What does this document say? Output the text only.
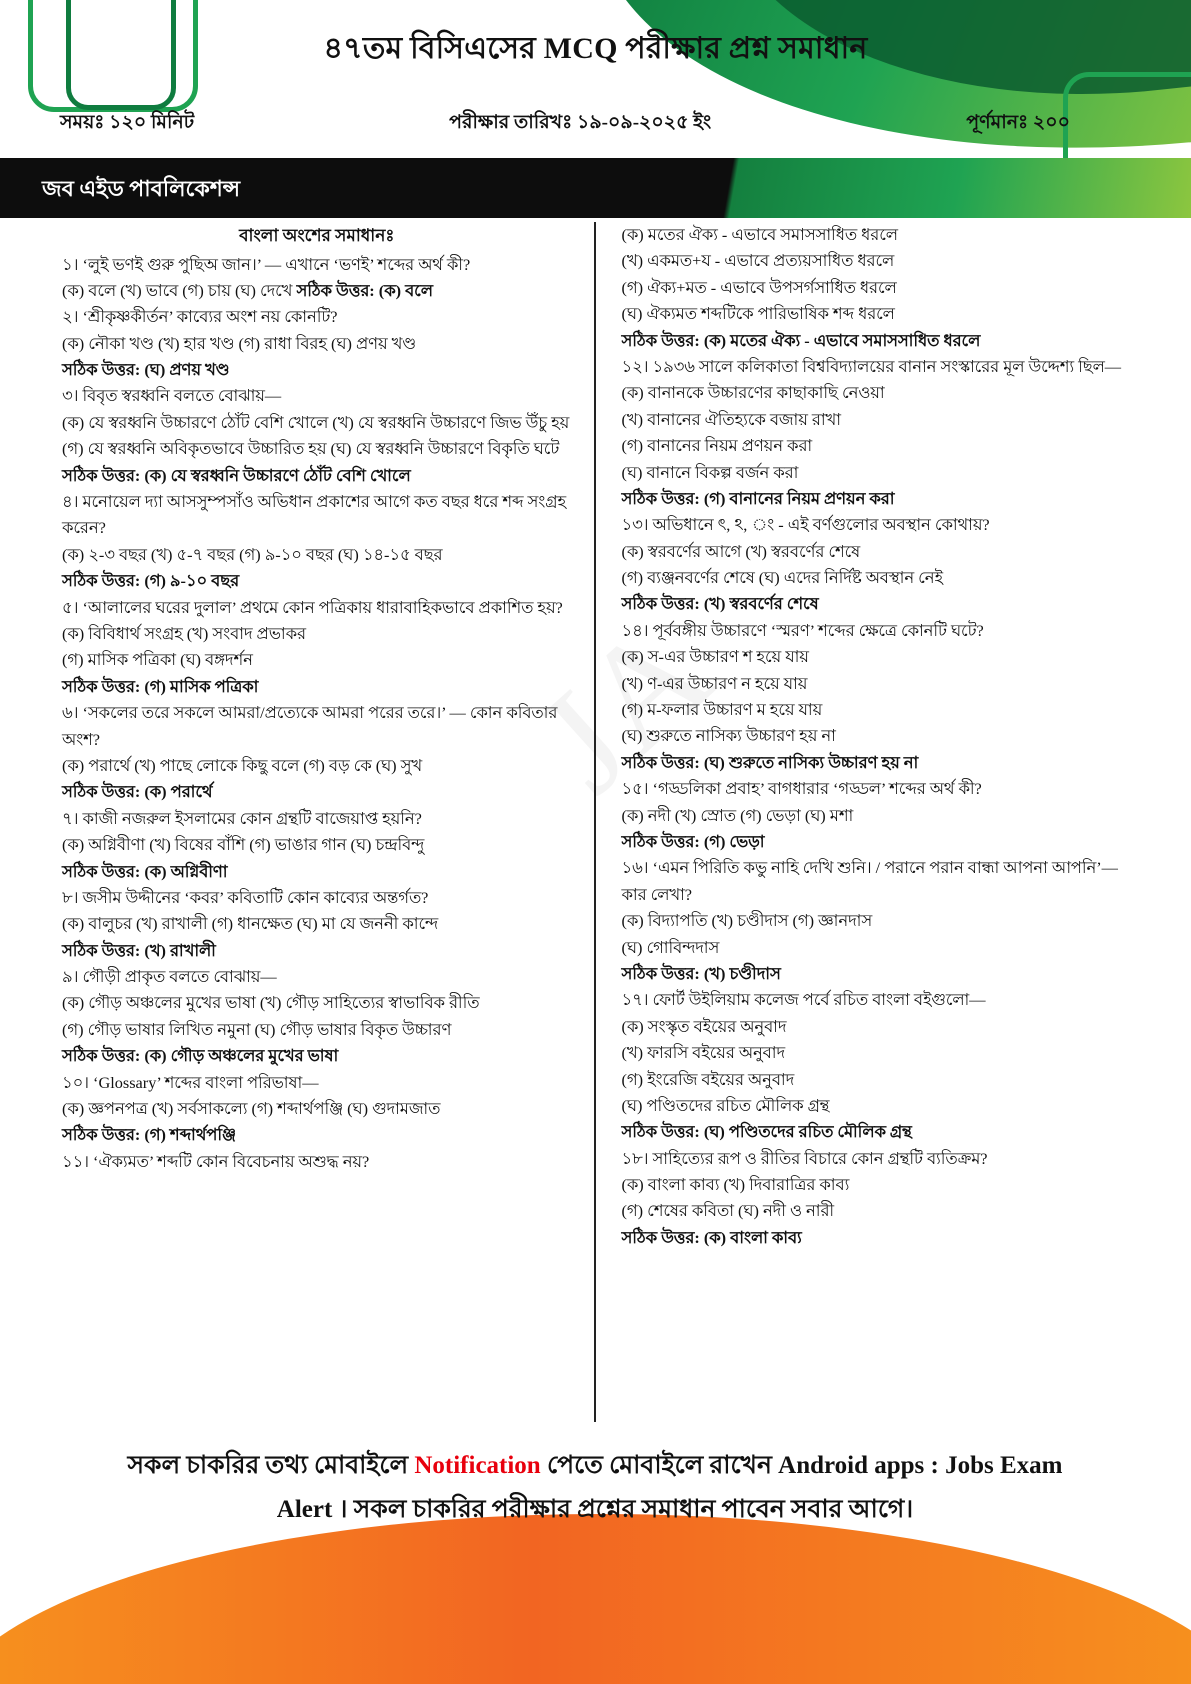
৪৭তম বিসিএসের MCQ পরীক্ষার প্রশ্ন সমাধান
সময়ঃ ১২০ মিনিট	পরীক্ষার তারিখঃ ১৯-০৯-২০২৫ ইং	পূর্ণমানঃ ২০০
জব এইড পাবলিকেশন্স
বাংলা অংশের সমাধানঃ
১। ‘লুই ভণই গুরু পুছিঅ জান।’ — এখানে ‘ভণই’ শব্দের অর্থ কী?
(ক) বলে (খ) ভাবে (গ) চায় (ঘ) দেখে সঠিক উত্তর: (ক) বলে
২। ‘শ্রীকৃষ্ণকীর্তন’ কাব্যের অংশ নয় কোনটি?
(ক) নৌকা খণ্ড (খ) হার খণ্ড (গ) রাধা বিরহ (ঘ) প্রণয় খণ্ড
সঠিক উত্তর: (ঘ) প্রণয় খণ্ড
৩। বিবৃত স্বরধ্বনি বলতে বোঝায়—
(ক) যে স্বরধ্বনি উচ্চারণে ঠোঁট বেশি খোলে (খ) যে স্বরধ্বনি উচ্চারণে জিভ উঁচু হয়
(গ) যে স্বরধ্বনি অবিকৃতভাবে উচ্চারিত হয় (ঘ) যে স্বরধ্বনি উচ্চারণে বিকৃতি ঘটে
সঠিক উত্তর: (ক) যে স্বরধ্বনি উচ্চারণে ঠোঁট বেশি খোলে
৪। মনোয়েল দ্যা আসসুম্পসাঁও অভিধান প্রকাশের আগে কত বছর ধরে শব্দ সংগ্রহ করেন?
(ক) ২-৩ বছর (খ) ৫-৭ বছর (গ) ৯-১০ বছর (ঘ) ১৪-১৫ বছর
সঠিক উত্তর: (গ) ৯-১০ বছর
৫। ‘আলালের ঘরের দুলাল’ প্রথমে কোন পত্রিকায় ধারাবাহিকভাবে প্রকাশিত হয়?
(ক) বিবিধার্থ সংগ্রহ (খ) সংবাদ প্রভাকর
(গ) মাসিক পত্রিকা (ঘ) বঙ্গদর্শন
সঠিক উত্তর: (গ) মাসিক পত্রিকা
৬। ‘সকলের তরে সকলে আমরা/প্রত্যেকে আমরা পরের তরে।’ — কোন কবিতার অংশ?
(ক) পরার্থে (খ) পাছে লোকে কিছু বলে (গ) বড় কে (ঘ) সুখ
সঠিক উত্তর: (ক) পরার্থে
৭। কাজী নজরুল ইসলামের কোন গ্রন্থটি বাজেয়াপ্ত হয়নি?
(ক) অগ্নিবীণা (খ) বিষের বাঁশি (গ) ভাঙার গান (ঘ) চন্দ্রবিন্দু
সঠিক উত্তর: (ক) অগ্নিবীণা
৮। জসীম উদ্দীনের ‘কবর’ কবিতাটি কোন কাব্যের অন্তর্গত?
(ক) বালুচর (খ) রাখালী (গ) ধানক্ষেত (ঘ) মা যে জননী কান্দে
সঠিক উত্তর: (খ) রাখালী
৯। গৌড়ী প্রাকৃত বলতে বোঝায়—
(ক) গৌড় অঞ্চলের মুখের ভাষা (খ) গৌড় সাহিত্যের স্বাভাবিক রীতি
(গ) গৌড় ভাষার লিখিত নমুনা (ঘ) গৌড় ভাষার বিকৃত উচ্চারণ
সঠিক উত্তর: (ক) গৌড় অঞ্চলের মুখের ভাষা
১০। ‘Glossary’ শব্দের বাংলা পরিভাষা—
(ক) জ্ঞপনপত্র (খ) সর্বসাকল্যে (গ) শব্দার্থপঞ্জি (ঘ) গুদামজাত
সঠিক উত্তর: (গ) শব্দার্থপঞ্জি
১১। ‘ঐক্যমত’ শব্দটি কোন বিবেচনায় অশুদ্ধ নয়?
(ক) মতের ঐক্য - এভাবে সমাসসাধিত ধরলে
(খ) একমত+য - এভাবে প্রত্যয়সাধিত ধরলে
(গ) ঐক্য+মত - এভাবে উপসর্গসাধিত ধরলে
(ঘ) ঐক্যমত শব্দটিকে পারিভাষিক শব্দ ধরলে
সঠিক উত্তর: (ক) মতের ঐক্য - এভাবে সমাসসাধিত ধরলে
১২। ১৯৩৬ সালে কলিকাতা বিশ্ববিদ্যালয়ের বানান সংস্কারের মূল উদ্দেশ্য ছিল—
(ক) বানানকে উচ্চারণের কাছাকাছি নেওয়া
(খ) বানানের ঐতিহ্যকে বজায় রাখা
(গ) বানানের নিয়ম প্রণয়ন করা
(ঘ) বানানে বিকল্প বর্জন করা
সঠিক উত্তর: (গ) বানানের নিয়ম প্রণয়ন করা
১৩। অভিধানে ৎ, ঽ, ং - এই বর্ণগুলোর অবস্থান কোথায়?
(ক) স্বরবর্ণের আগে (খ) স্বরবর্ণের শেষে
(গ) ব্যঞ্জনবর্ণের শেষে (ঘ) এদের নির্দিষ্ট অবস্থান নেই
সঠিক উত্তর: (খ) স্বরবর্ণের শেষে
১৪। পূর্ববঙ্গীয় উচ্চারণে ‘স্মরণ’ শব্দের ক্ষেত্রে কোনটি ঘটে?
(ক) স-এর উচ্চারণ শ হয়ে যায়
(খ) ণ-এর উচ্চারণ ন হয়ে যায়
(গ) ম-ফলার উচ্চারণ ম হয়ে যায়
(ঘ) শুরুতে নাসিক্য উচ্চারণ হয় না
সঠিক উত্তর: (ঘ) শুরুতে নাসিক্য উচ্চারণ হয় না
১৫। ‘গড্ডলিকা প্রবাহ’ বাগধারার ‘গড্ডল’ শব্দের অর্থ কী?
(ক) নদী (খ) স্রোত (গ) ভেড়া (ঘ) মশা
সঠিক উত্তর: (গ) ভেড়া
১৬। ‘এমন পিরিতি কভু নাহি দেখি শুনি। / পরানে পরান বান্ধা আপনা আপনি’—কার লেখা?
(ক) বিদ্যাপতি (খ) চণ্ডীদাস (গ) জ্ঞানদাস
(ঘ) গোবিন্দদাস
সঠিক উত্তর: (খ) চণ্ডীদাস
১৭। ফোর্ট উইলিয়াম কলেজ পর্বে রচিত বাংলা বইগুলো—
(ক) সংস্কৃত বইয়ের অনুবাদ
(খ) ফারসি বইয়ের অনুবাদ
(গ) ইংরেজি বইয়ের অনুবাদ
(ঘ) পণ্ডিতদের রচিত মৌলিক গ্রন্থ
সঠিক উত্তর: (ঘ) পণ্ডিতদের রচিত মৌলিক গ্রন্থ
১৮। সাহিত্যের রূপ ও রীতির বিচারে কোন গ্রন্থটি ব্যতিক্রম?
(ক) বাংলা কাব্য (খ) দিবারাত্রির কাব্য
(গ) শেষের কবিতা (ঘ) নদী ও নারী
সঠিক উত্তর: (ক) বাংলা কাব্য
সকল চাকরির তথ্য মোবাইলে Notification পেতে মোবাইলে রাখেন Android apps : Jobs Exam
Alert । সকল চাকরির পরীক্ষার প্রশ্নের সমাধান পাবেন সবার আগে।
